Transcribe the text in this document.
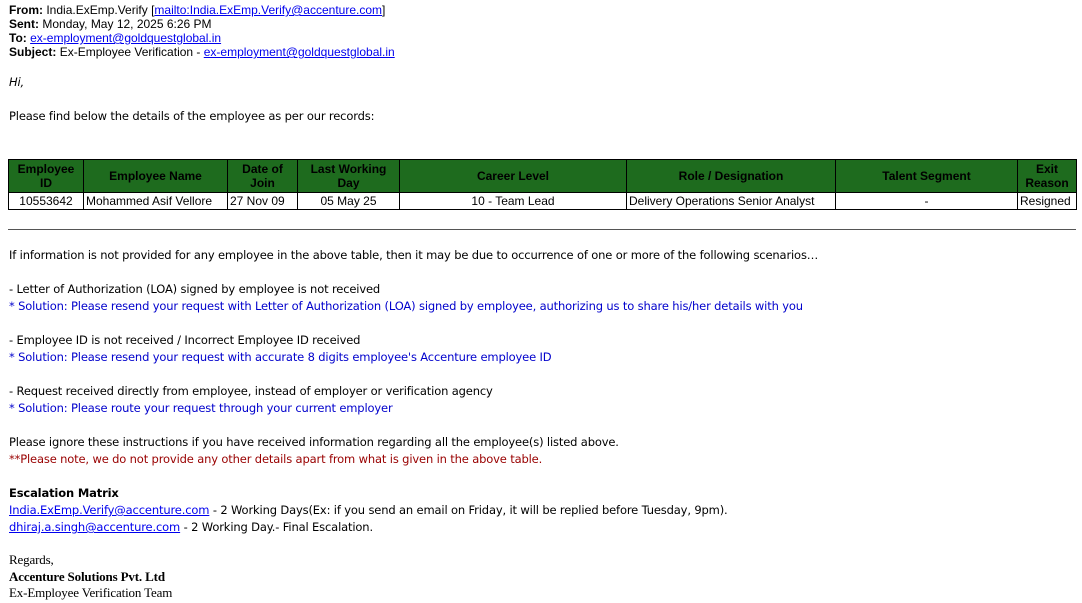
From: India.ExEmp.Verify [mailto:India.ExEmp.Verify@accenture.com]
Sent: Monday, May 12, 2025 6:26 PM
To: ex-employment@goldquestglobal.in
Subject: Ex-Employee Verification - ex-employment@goldquestglobal.in
Hi,
Please find below the details of the employee as per our records:
Employee ID	Employee Name	Date of Join	Last Working Day	Career Level	Role / Designation	Talent Segment	Exit Reason
10553642	Mohammed Asif Vellore	27 Nov 09	05 May 25	10 - Team Lead	Delivery Operations Senior Analyst	-	Resigned
If information is not provided for any employee in the above table, then it may be due to occurrence of one or more of the following scenarios…
- Letter of Authorization (LOA) signed by employee is not received
* Solution: Please resend your request with Letter of Authorization (LOA) signed by employee, authorizing us to share his/her details with you
- Employee ID is not received / Incorrect Employee ID received
* Solution: Please resend your request with accurate 8 digits employee's Accenture employee ID
- Request received directly from employee, instead of employer or verification agency
* Solution: Please route your request through your current employer
Please ignore these instructions if you have received information regarding all the employee(s) listed above.
**Please note, we do not provide any other details apart from what is given in the above table.
Escalation Matrix
India.ExEmp.Verify@accenture.com - 2 Working Days(Ex: if you send an email on Friday, it will be replied before Tuesday, 9pm).
dhiraj.a.singh@accenture.com - 2 Working Day.- Final Escalation.
Regards,
Accenture Solutions Pvt. Ltd
Ex-Employee Verification Team
